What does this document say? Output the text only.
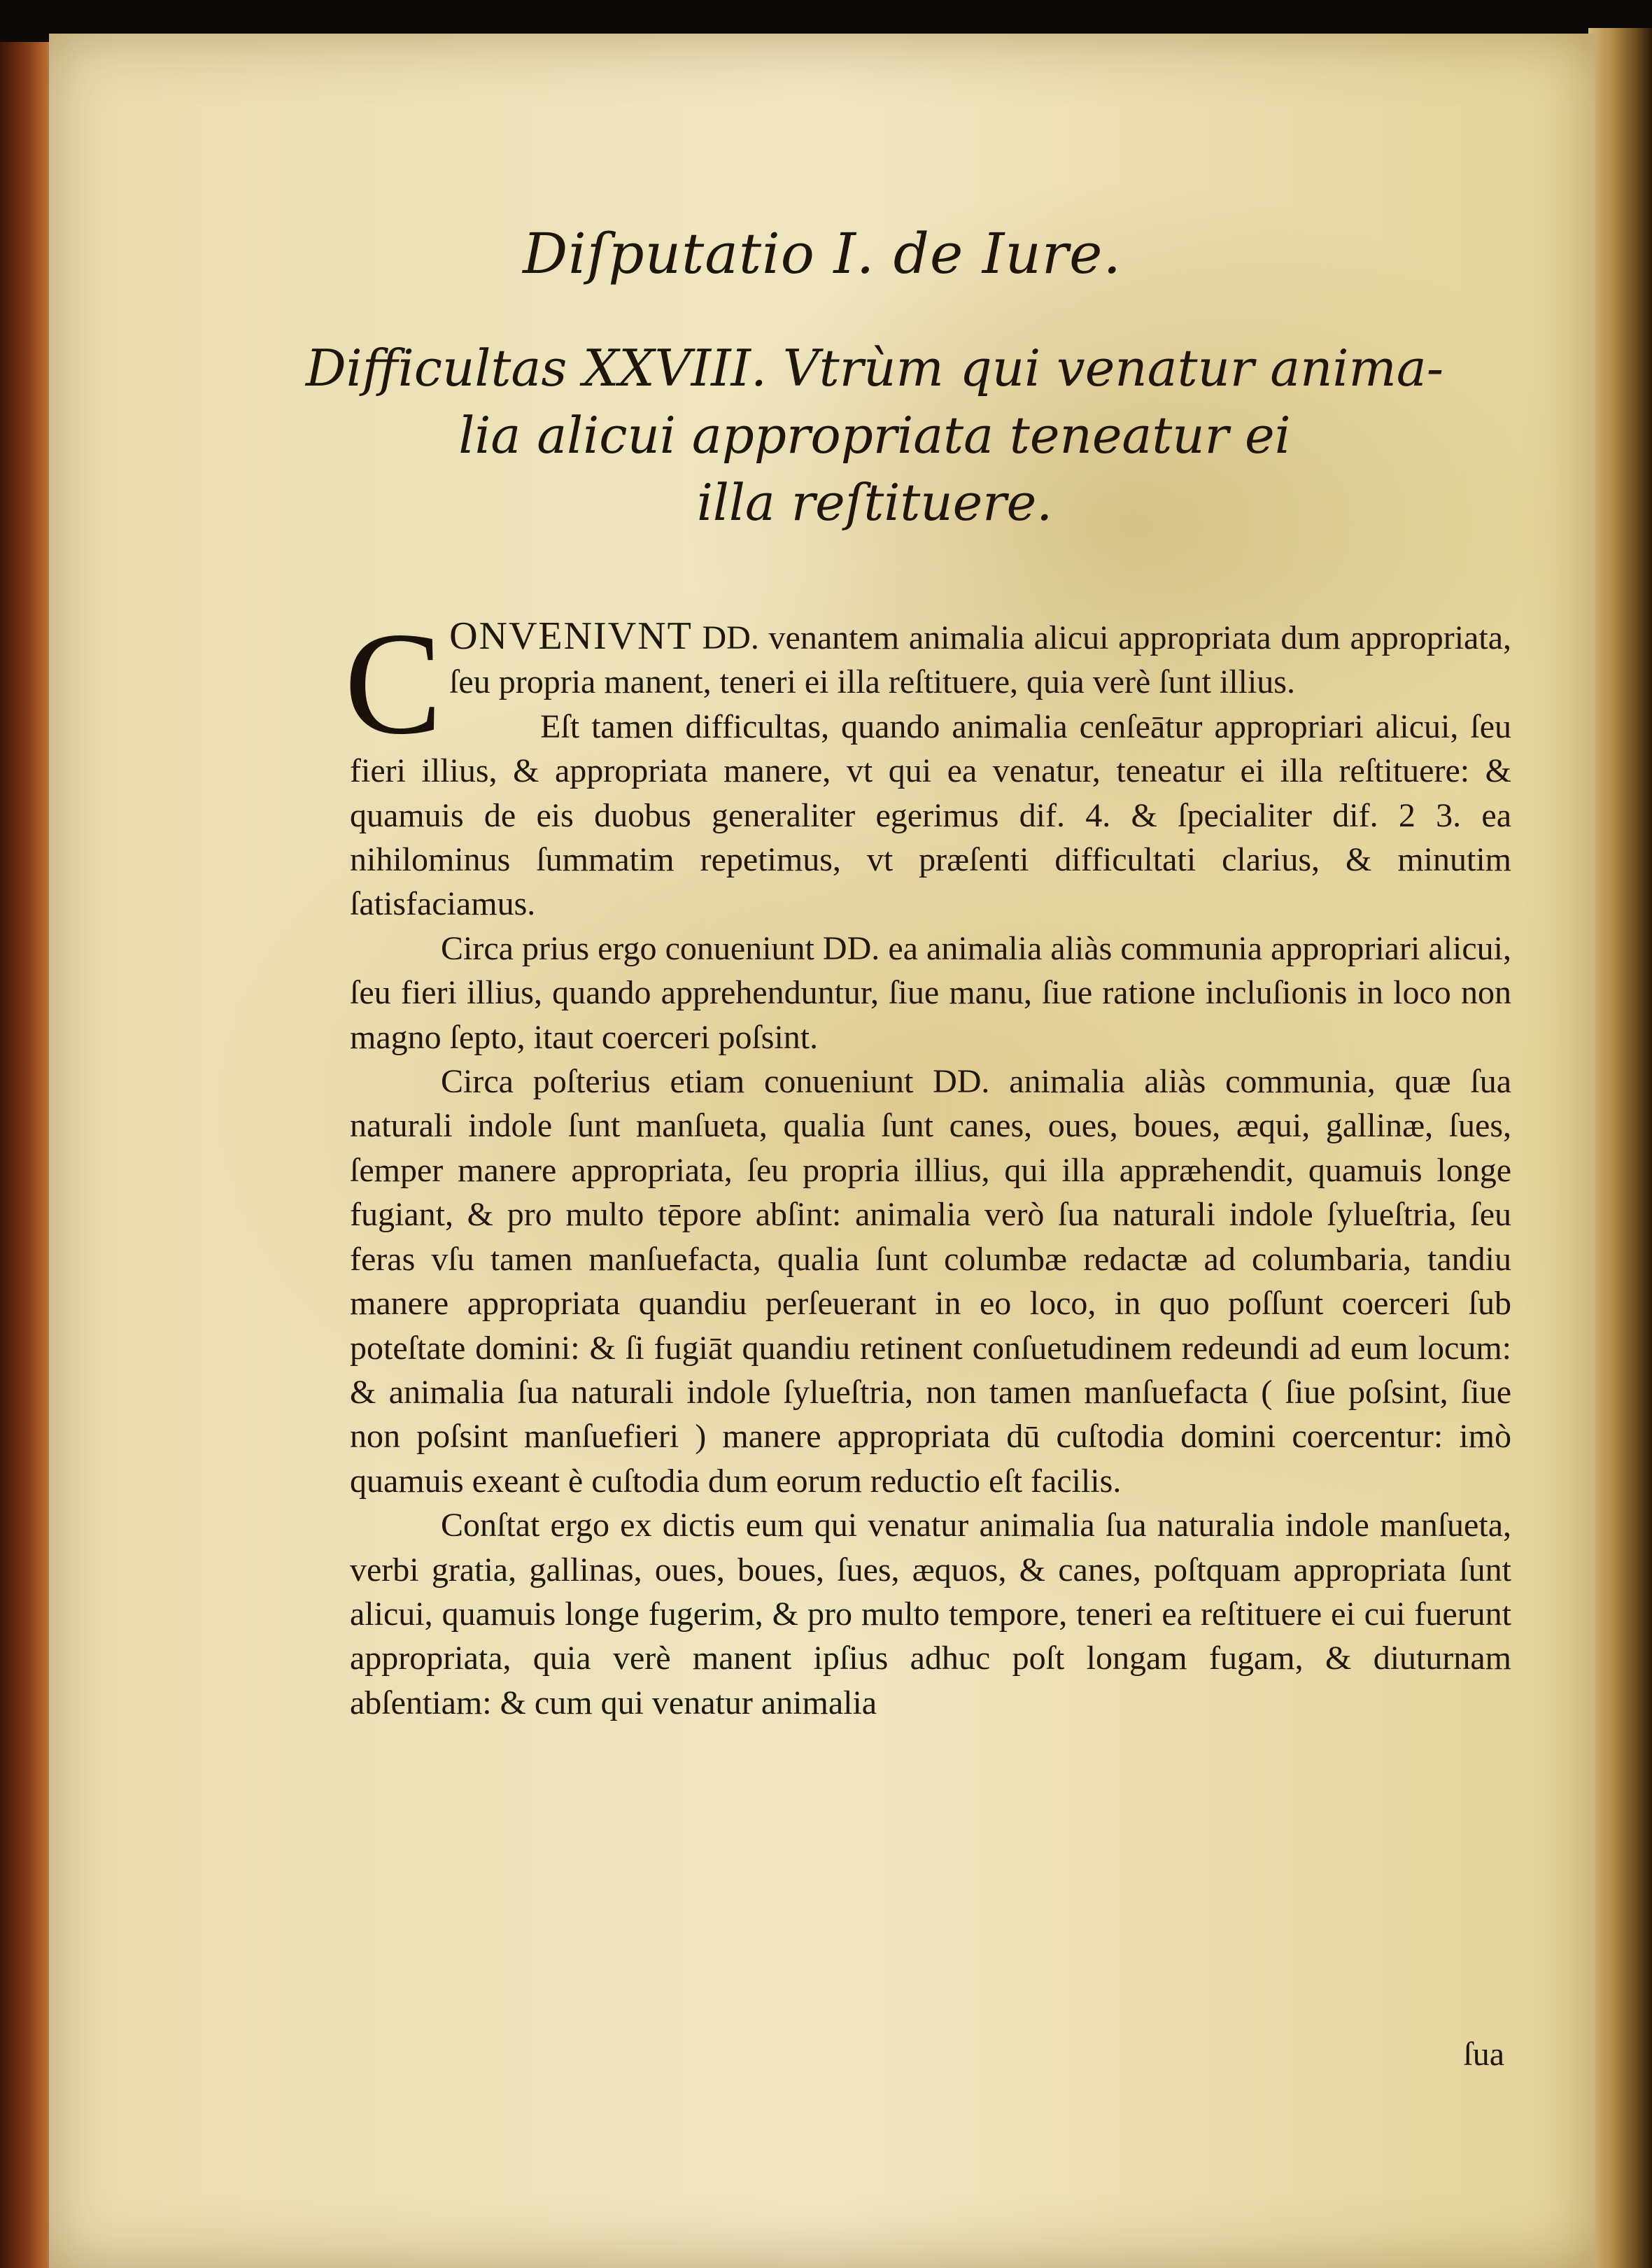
Diſputatio I. de Iure.
Difficultas XXVIII. Vtrùm qui venatur anima-
lia alicui appropriata teneatur ei
illa reſtituere.

CONVENIVNT DD. venantem animalia alicui appropriata dum appropriata, ſeu propria manent, teneri ei illa reſtituere, quia verè ſunt illius.

Eſt tamen difficultas, quando animalia cenſeātur appropriari alicui, ſeu fieri illius, & appropriata manere, vt qui ea venatur, teneatur ei illa reſtituere: & quamuis de eis duobus generaliter egerimus dif. 4. & ſpecialiter dif. 2 3. ea nihilominus ſummatim repetimus, vt præſenti difficultati clarius, & minutim ſatisfaciamus.

Circa prius ergo conueniunt DD. ea animalia aliàs communia appropriari alicui, ſeu fieri illius, quando apprehenduntur, ſiue manu, ſiue ratione incluſionis in loco non magno ſepto, itaut coerceri poſsint.

Circa poſterius etiam conueniunt DD. animalia aliàs communia, quæ ſua naturali indole ſunt manſueta, qualia ſunt canes, oues, boues, æqui, gallinæ, ſues, ſemper manere appropriata, ſeu propria illius, qui illa appræhendit, quamuis longe fugiant, & pro multo tēpore abſint: animalia verò ſua naturali indole ſylueſtria, ſeu feras vſu tamen manſuefacta, qualia ſunt columbæ redactæ ad columbaria, tandiu manere appropriata quandiu perſeuerant in eo loco, in quo poſſunt coerceri ſub poteſtate domini: & ſi fugiāt quandiu retinent conſuetudinem redeundi ad eum locum: & animalia ſua naturali indole ſylueſtria, non tamen manſuefacta ( ſiue poſsint, ſiue non poſsint manſuefieri ) manere appropriata dū cuſtodia domini coercentur: imò quamuis exeant è cuſtodia dum eorum reductio eſt facilis.

Conſtat ergo ex dictis eum qui venatur animalia ſua naturalia indole manſueta, verbi gratia, gallinas, oues, boues, ſues, æquos, & canes, poſtquam appropriata ſunt alicui, quamuis longe fugerim, & pro multo tempore, teneri ea reſtituere ei cui fuerunt appropriata, quia verè manent ipſius adhuc poſt longam fugam, & diuturnam abſentiam: & cum qui venatur animalia

ſua
